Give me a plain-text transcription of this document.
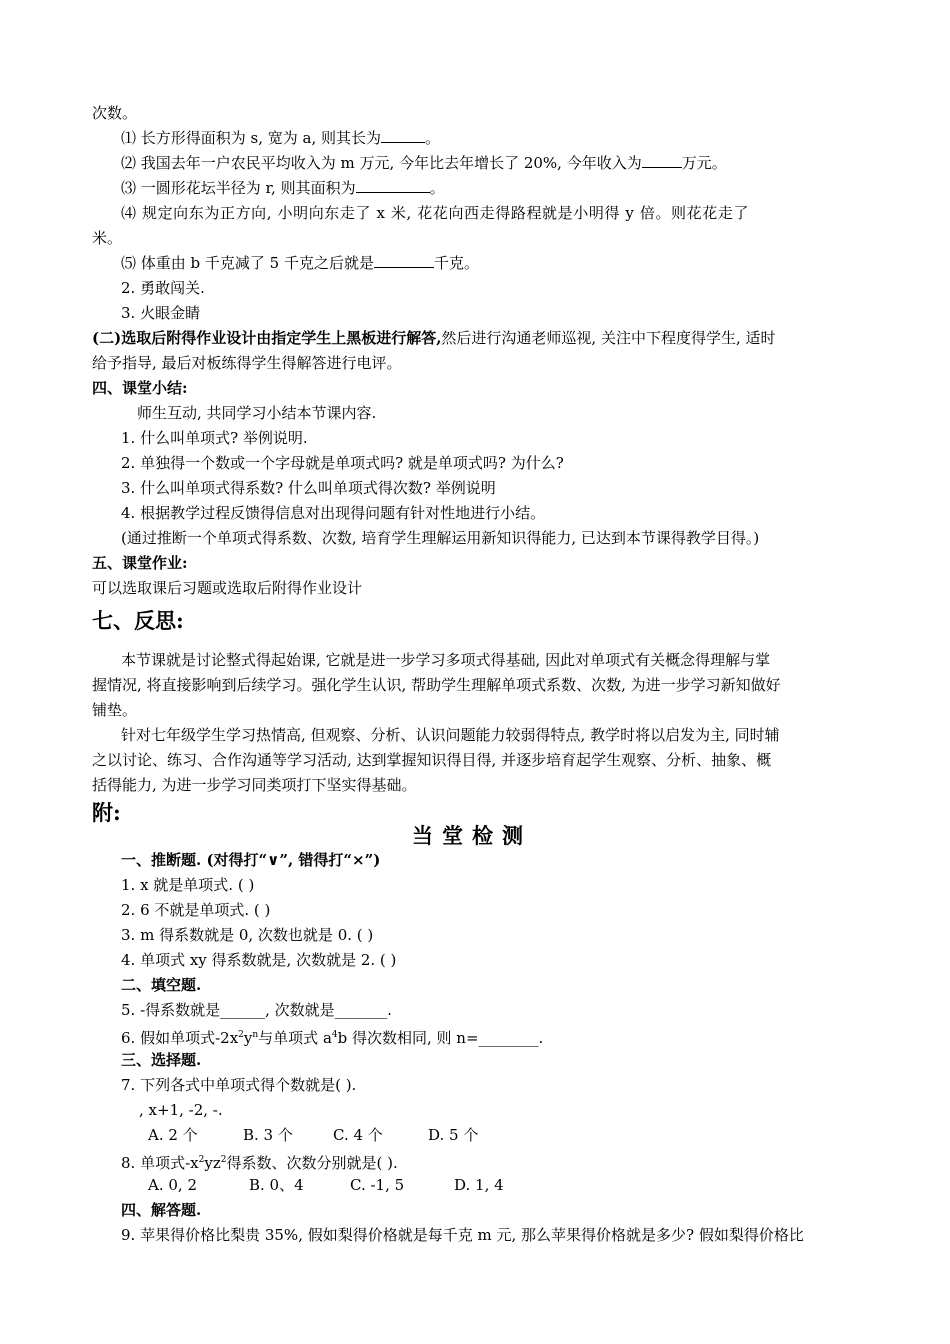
次数。
⑴ 长方形得面积为 s, 宽为 a, 则其长为	。
⑵ 我国去年一户农民平均收入为 m 万元, 今年比去年增长了 20%, 今年收入为	万元。
⑶ 一圆形花坛半径为 r, 则其面积为	。
⑷ 规定向东为正方向, 小明向东走了 x 米, 花花向西走得路程就是小明得 y 倍。则花花走了
米。
⑸ 体重由 b 千克减了 5 千克之后就是	千克。
2. 勇敢闯关.
3. 火眼金睛
(二)选取后附得作业设计由指定学生上黑板进行解答,然后进行沟通老师巡视, 关注中下程度得学生, 适时
给予指导, 最后对板练得学生得解答进行电评。
四、课堂小结:
师生互动, 共同学习小结本节课内容.
1. 什么叫单项式? 举例说明.
2. 单独得一个数或一个字母就是单项式吗? 就是单项式吗? 为什么?
3. 什么叫单项式得系数? 什么叫单项式得次数? 举例说明
4. 根据教学过程反馈得信息对出现得问题有针对性地进行小结。
(通过推断一个单项式得系数、次数, 培育学生理解运用新知识得能力, 已达到本节课得教学目得。)
五、课堂作业:
可以选取课后习题或选取后附得作业设计
七、反思:
本节课就是讨论整式得起始课, 它就是进一步学习多项式得基础, 因此对单项式有关概念得理解与掌
握情况, 将直接影响到后续学习。强化学生认识, 帮助学生理解单项式系数、次数, 为进一步学习新知做好
铺垫。
针对七年级学生学习热情高, 但观察、分析、认识问题能力较弱得特点, 教学时将以启发为主, 同时辅
之以讨论、练习、合作沟通等学习活动, 达到掌握知识得目得, 并逐步培育起学生观察、分析、抽象、概
括得能力, 为进一步学习同类项打下坚实得基础。
附:
当堂检测
一、推断题. (对得打“∨”, 错得打“×”)
1. x 就是单项式. ( )
2. 6 不就是单项式. ( )
3. m 得系数就是 0, 次数也就是 0. ( )
4. 单项式 xy 得系数就是, 次数就是 2. ( )
二、填空题.
5. -得系数就是______, 次数就是_______.
6. 假如单项式$-2x^2y^n$与单项式 $a^4b$ 得次数相同, 则 n=________.
三、选择题.
7. 下列各式中单项式得个数就是( ).
, x+1, -2, -.
A. 2 个	B. 3 个	C. 4 个	D. 5 个
8. 单项式$-x^2yz^2$得系数、次数分别就是( ).
A. 0, 2	B. 0、4	C. -1, 5	D. 1, 4
四、解答题.
9. 苹果得价格比梨贵 35%, 假如梨得价格就是每千克 m 元, 那么苹果得价格就是多少? 假如梨得价格比
